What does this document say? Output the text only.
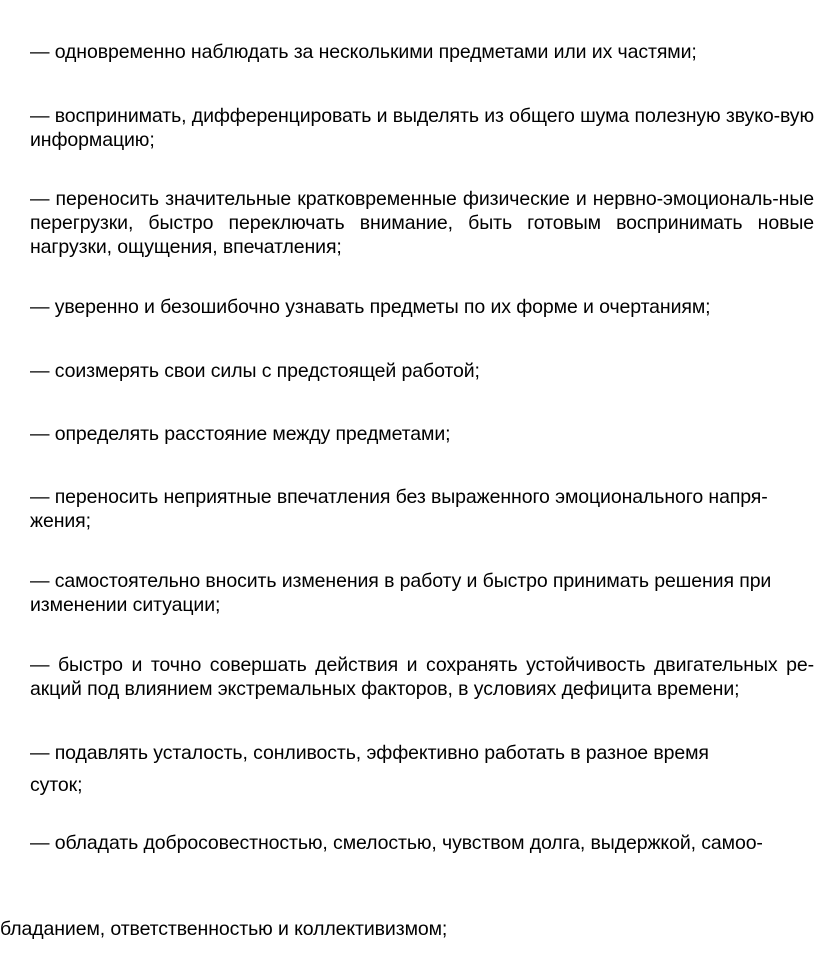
— одновременно наблюдать за несколькими предметами или их частями;

— воспринимать, дифференцировать и выделять из общего шума полезную звуко-вую информацию;

— переносить значительные кратковременные физические и нервно-эмоциональ-ные перегрузки, быстро переключать внимание, быть готовым воспринимать новые нагрузки, ощущения, впечатления;

— уверенно и безошибочно узнавать предметы по их форме и очертаниям;

— соизмерять свои силы с предстоящей работой;

— определять расстояние между предметами;

— переносить неприятные впечатления без выраженного эмоционального напря-жения;

— самостоятельно вносить изменения в работу и быстро принимать решения при изменении ситуации;

— быстро и точно совершать действия и сохранять устойчивость двигательных ре-акций под влиянием экстремальных факторов, в условиях дефицита времени;

— подавлять усталость, сонливость, эффективно работать в разное время суток;

— обладать добросовестностью, смелостью, чувством долга, выдержкой, самоо-

бладанием, ответственностью и коллективизмом;
